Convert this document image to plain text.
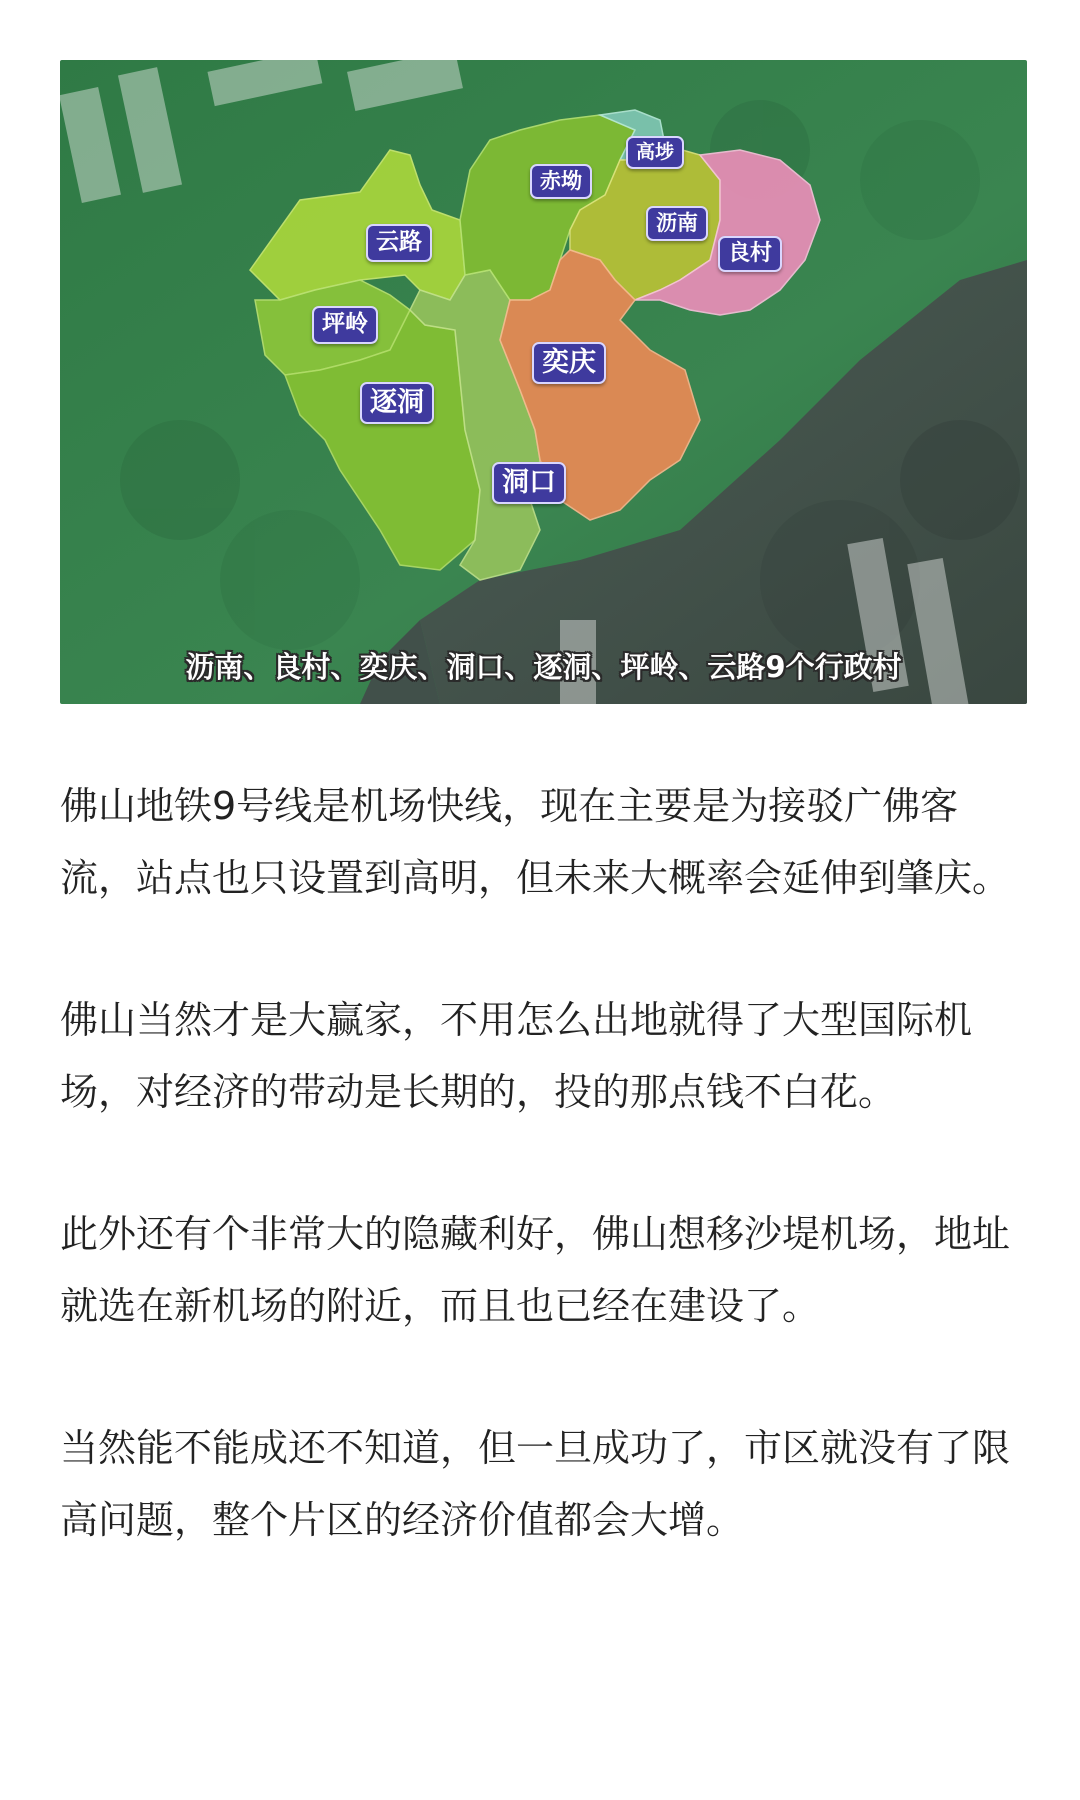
高埗
赤坳
云路
沥南
良村
坪岭
奕庆
逐洞
洞口
沥南、良村、奕庆、洞口、逐洞、坪岭、云路9个行政村

佛山地铁9号线是机场快线，现在主要是为接驳广佛客流，站点也只设置到高明，但未来大概率会延伸到肇庆。

佛山当然才是大赢家，不用怎么出地就得了大型国际机场，对经济的带动是长期的，投的那点钱不白花。

此外还有个非常大的隐藏利好，佛山想移沙堤机场，地址就选在新机场的附近，而且也已经在建设了。

当然能不能成还不知道，但一旦成功了，市区就没有了限高问题，整个片区的经济价值都会大增。
